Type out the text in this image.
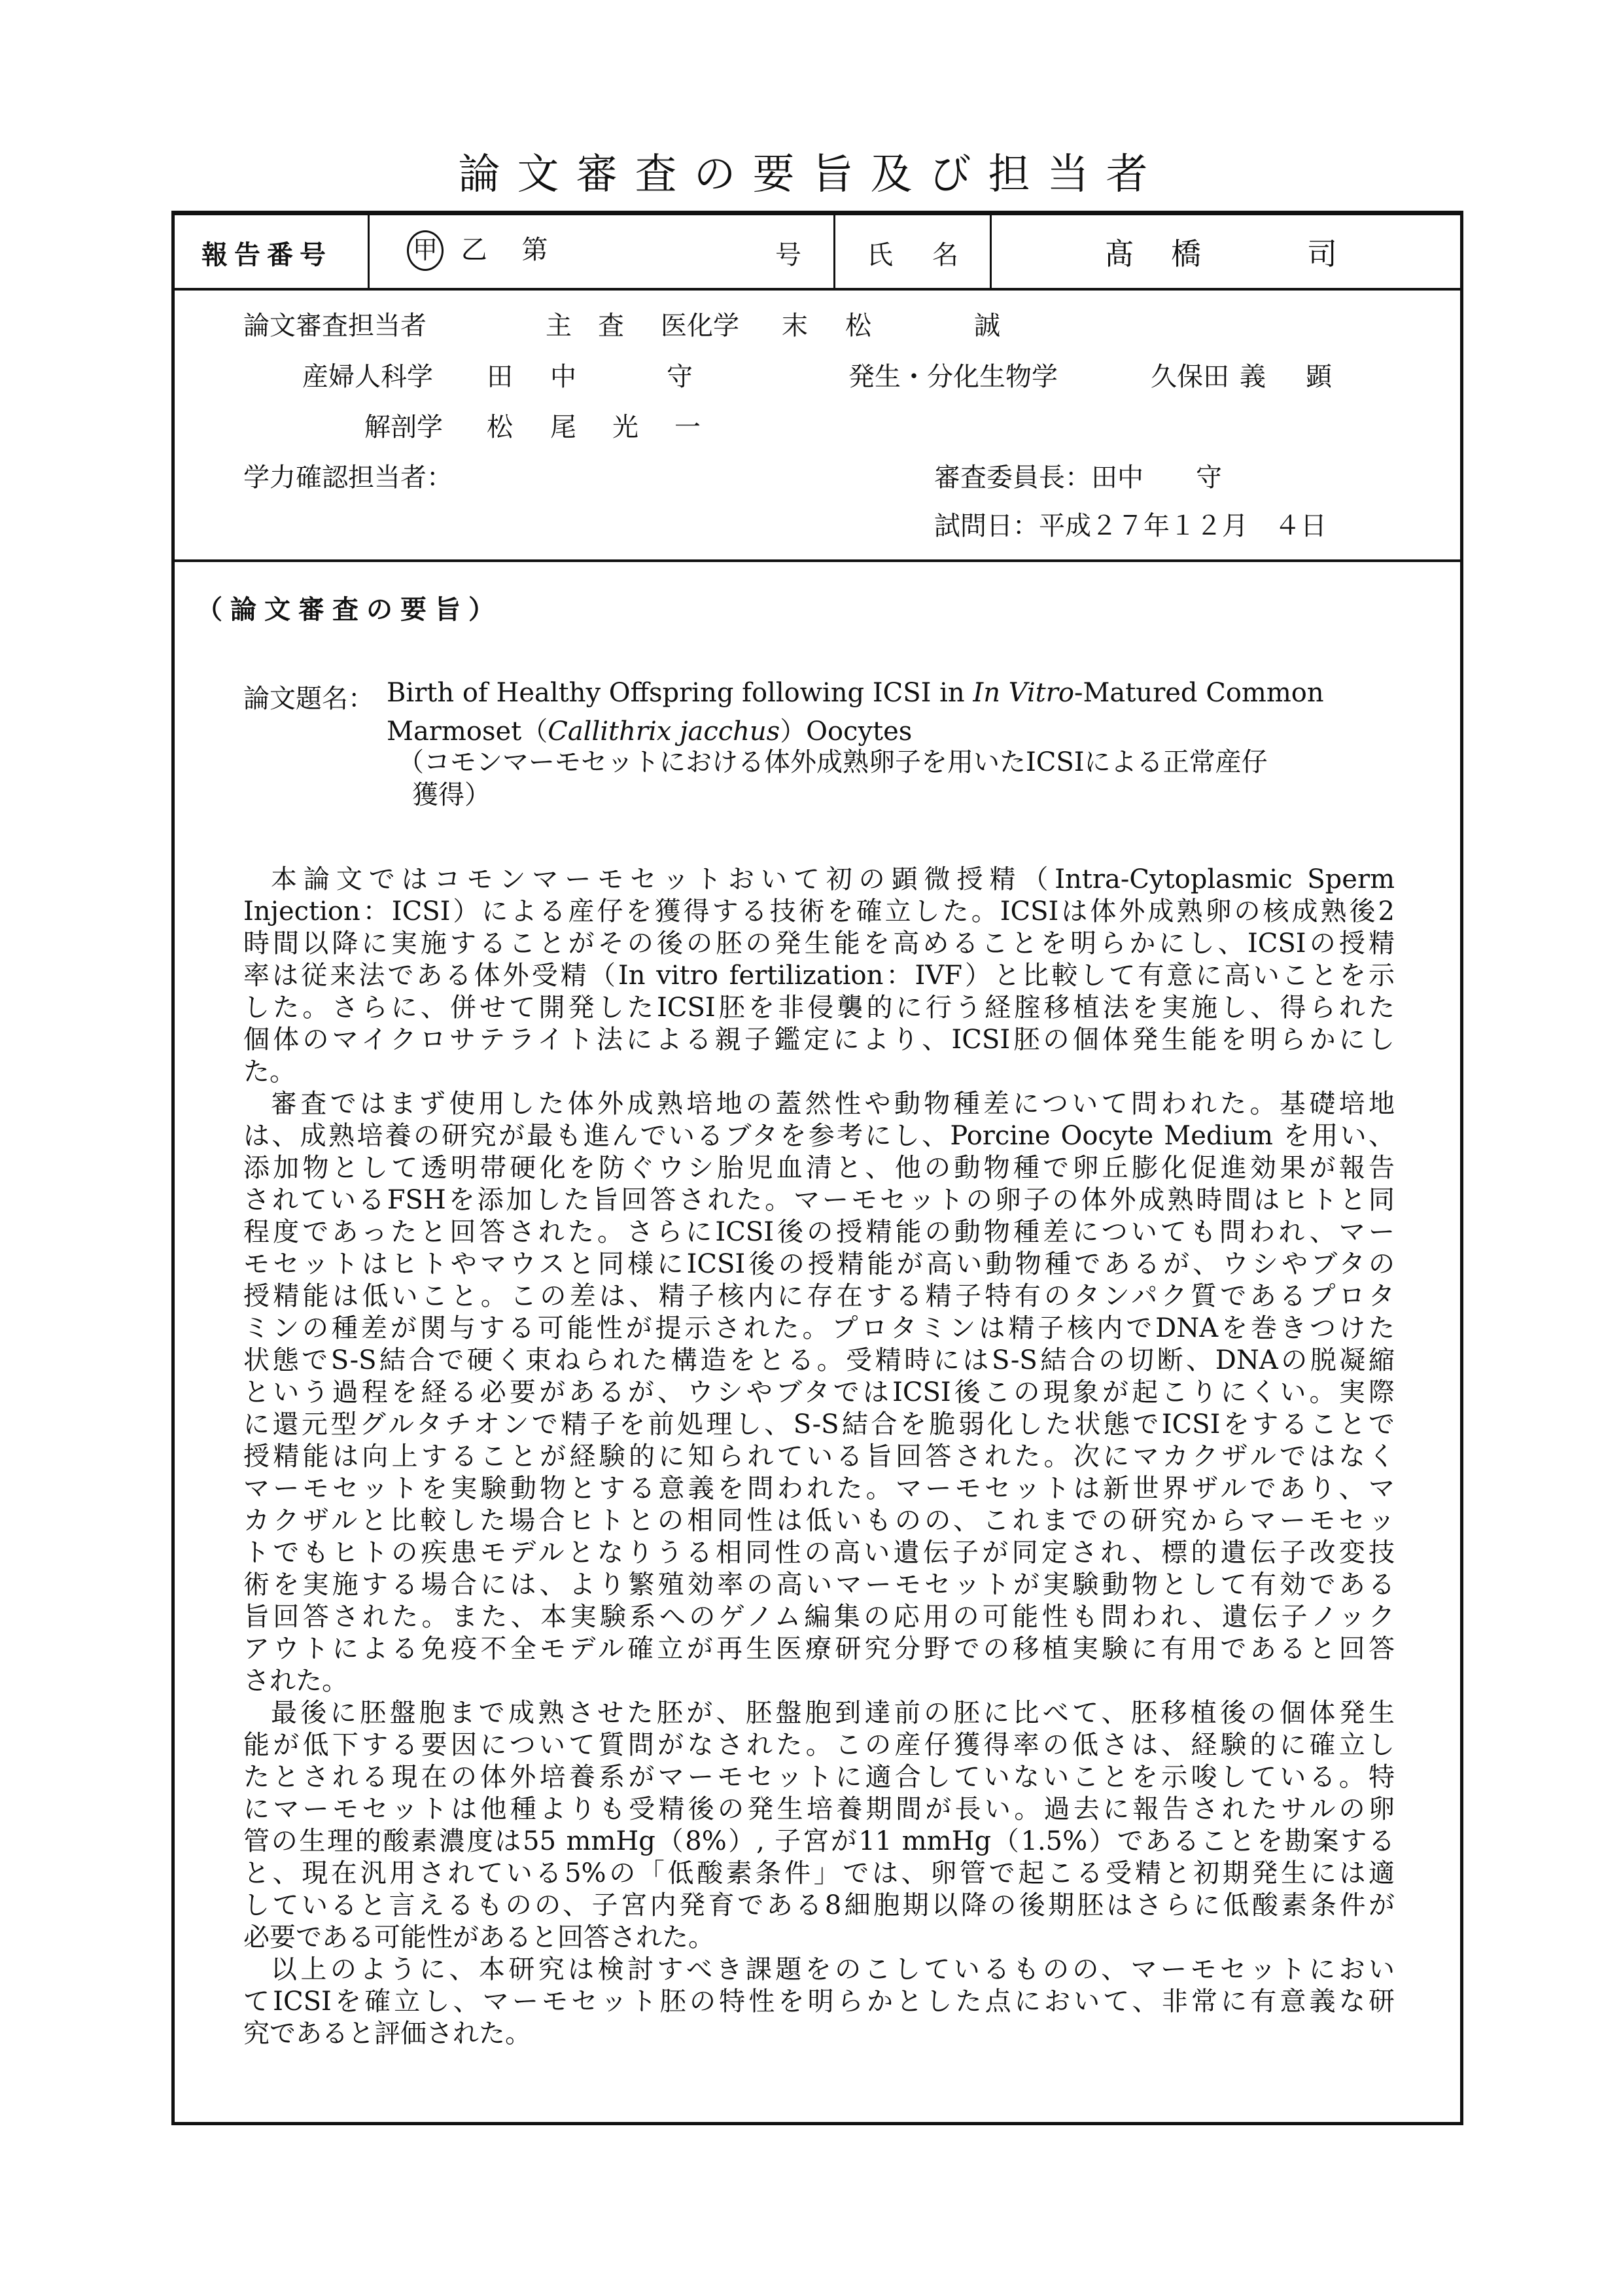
論文審査の要旨及び担当者
報告番号	甲 乙 第	号	氏 名	髙 橋	司
論文審査担当者	主　査 医化学 末 松	誠
産婦人科学 田 中	守	発生・分化生物学	久保田 義 顕
解剖学 松 尾 光 一
学力確認担当者：	審査委員長：田中　　守
試問日：平成２７年１２月　４日
（論文審査の要旨）
論文題名： Birth of Healthy Offspring following ICSI in In Vitro-Matured Common
Marmoset（Callithrix jacchus）Oocytes
（コモンマーモセットにおける体外成熟卵子を用いたICSIによる正常産仔
獲得）
本論文ではコモンマーモセットおいて初の顕微授精（Intra-Cytoplasmic Sperm
Injection：ICSI）による産仔を獲得する技術を確立した。ICSIは体外成熟卵の核成熟後2
時間以降に実施することがその後の胚の発生能を高めることを明らかにし、ICSIの授精
率は従来法である体外受精（In vitro fertilization：IVF）と比較して有意に高いことを示
した。さらに、併せて開発したICSI胚を非侵襲的に行う経腟移植法を実施し、得られた
個体のマイクロサテライト法による親子鑑定により、ICSI胚の個体発生能を明らかにし
た。
審査ではまず使用した体外成熟培地の蓋然性や動物種差について問われた。基礎培地
は、成熟培養の研究が最も進んでいるブタを参考にし、Porcine Oocyte Medium を用い、
添加物として透明帯硬化を防ぐウシ胎児血清と、他の動物種で卵丘膨化促進効果が報告
されているFSHを添加した旨回答された。マーモセットの卵子の体外成熟時間はヒトと同
程度であったと回答された。さらにICSI後の授精能の動物種差についても問われ、マー
モセットはヒトやマウスと同様にICSI後の授精能が高い動物種であるが、ウシやブタの
授精能は低いこと。この差は、精子核内に存在する精子特有のタンパク質であるプロタ
ミンの種差が関与する可能性が提示された。プロタミンは精子核内でDNAを巻きつけた
状態でS-S結合で硬く束ねられた構造をとる。受精時にはS-S結合の切断、DNAの脱凝縮
という過程を経る必要があるが、ウシやブタではICSI後この現象が起こりにくい。実際
に還元型グルタチオンで精子を前処理し、S-S結合を脆弱化した状態でICSIをすることで
授精能は向上することが経験的に知られている旨回答された。次にマカクザルではなく
マーモセットを実験動物とする意義を問われた。マーモセットは新世界ザルであり、マ
カクザルと比較した場合ヒトとの相同性は低いものの、これまでの研究からマーモセッ
トでもヒトの疾患モデルとなりうる相同性の高い遺伝子が同定され、標的遺伝子改変技
術を実施する場合には、より繁殖効率の高いマーモセットが実験動物として有効である
旨回答された。また、本実験系へのゲノム編集の応用の可能性も問われ、遺伝子ノック
アウトによる免疫不全モデル確立が再生医療研究分野での移植実験に有用であると回答
された。
最後に胚盤胞まで成熟させた胚が、胚盤胞到達前の胚に比べて、胚移植後の個体発生
能が低下する要因について質問がなされた。この産仔獲得率の低さは、経験的に確立し
たとされる現在の体外培養系がマーモセットに適合していないことを示唆している。特
にマーモセットは他種よりも受精後の発生培養期間が長い。過去に報告されたサルの卵
管の生理的酸素濃度は55 mmHg（8%）, 子宮が11 mmHg（1.5%）であることを勘案する
と、現在汎用されている5%の「低酸素条件」では、卵管で起こる受精と初期発生には適
していると言えるものの、子宮内発育である8細胞期以降の後期胚はさらに低酸素条件が
必要である可能性があると回答された。
以上のように、本研究は検討すべき課題をのこしているものの、マーモセットにおい
てICSIを確立し、マーモセット胚の特性を明らかとした点において、非常に有意義な研
究であると評価された。
